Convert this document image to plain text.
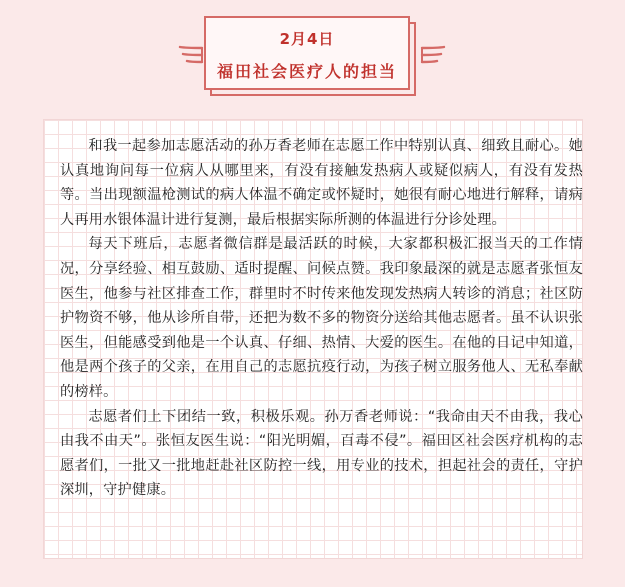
2月4日
福田社会医疗人的担当

和我一起参加志愿活动的孙万香老师在志愿工作中特别认真、细致且耐心。她认真地询问每一位病人从哪里来，有没有接触发热病人或疑似病人，有没有发热等。当出现额温枪测试的病人体温不确定或怀疑时，她很有耐心地进行解释，请病人再用水银体温计进行复测，最后根据实际所测的体温进行分诊处理。

每天下班后，志愿者微信群是最活跃的时候，大家都积极汇报当天的工作情况，分享经验、相互鼓励、适时提醒、问候点赞。我印象最深的就是志愿者张恒友医生，他参与社区排查工作，群里时不时传来他发现发热病人转诊的消息；社区防护物资不够，他从诊所自带，还把为数不多的物资分送给其他志愿者。虽不认识张医生，但能感受到他是一个认真、仔细、热情、大爱的医生。在他的日记中知道，他是两个孩子的父亲，在用自己的志愿抗疫行动，为孩子树立服务他人、无私奉献的榜样。

志愿者们上下团结一致，积极乐观。孙万香老师说：“我命由天不由我，我心由我不由天”。张恒友医生说：“阳光明媚，百毒不侵”。福田区社会医疗机构的志愿者们，一批又一批地赶赴社区防控一线，用专业的技术，担起社会的责任，守护深圳，守护健康。
